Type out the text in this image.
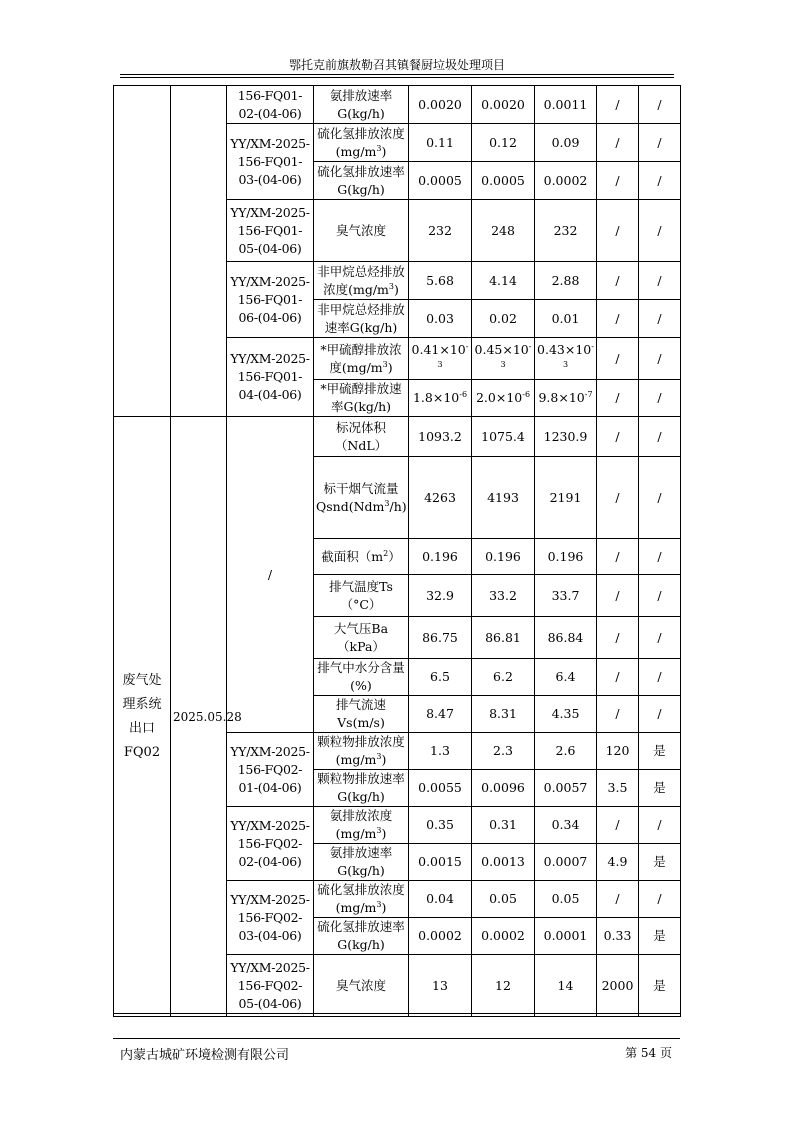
鄂托克前旗敖勒召其镇餐厨垃圾处理项目
		156-FQ01-02-(04-06)	氨排放速率G(kg/h)	0.0020	0.0020	0.0011	/	/
		YY/XM-2025-156-FQ01-03-(04-06)	硫化氢排放浓度$(mg/m^3)$	0.11	0.12	0.09	/	/
			硫化氢排放速率G(kg/h)	0.0005	0.0005	0.0002	/	/
		YY/XM-2025-156-FQ01-05-(04-06)	臭气浓度	232	248	232	/	/
		YY/XM-2025-156-FQ01-06-(04-06)	非甲烷总烃排放浓度$(mg/m^3)$	5.68	4.14	2.88	/	/
			非甲烷总烃排放速率G(kg/h)	0.03	0.02	0.01	/	/
		YY/XM-2025-156-FQ01-04-(04-06)	*甲硫醇排放浓度$(mg/m^3)$	$0.41\times 10^{-3}$	$0.45\times 10^{-3}$	$0.43\times 10^{-3}$	/	/
			*甲硫醇排放速率G(kg/h)	$1.8\times 10^{-6}$	$2.0\times 10^{-6}$	$9.8\times 10^{-7}$	/	/
废气处理系统出口FQ02	2025.05.28	/	标况体积（NdL）	1093.2	1075.4	1230.9	/	/
			标干烟气流量Qsnd(Ndm$^3$/h)	4263	4193	2191	/	/
			截面积$(m^2)$	0.196	0.196	0.196	/	/
			排气温度Ts（°C）	32.9	33.2	33.7	/	/
			大气压Ba（kPa）	86.75	86.81	86.84	/	/
			排气中水分含量(%)	6.5	6.2	6.4	/	/
			排气流速Vs(m/s)	8.47	8.31	4.35	/	/
		YY/XM-2025-156-FQ02-01-(04-06)	颗粒物排放浓度$(mg/m^3)$	1.3	2.3	2.6	120	是
			颗粒物排放速率G(kg/h)	0.0055	0.0096	0.0057	3.5	是
		YY/XM-2025-156-FQ02-02-(04-06)	氨排放浓度$(mg/m^3)$	0.35	0.31	0.34	/	/
			氨排放速率G(kg/h)	0.0015	0.0013	0.0007	4.9	是
		YY/XM-2025-156-FQ02-03-(04-06)	硫化氢排放浓度$(mg/m^3)$	0.04	0.05	0.05	/	/
			硫化氢排放速率G(kg/h)	0.0002	0.0002	0.0001	0.33	是
		YY/XM-2025-156-FQ02-05-(04-06)	臭气浓度	13	12	14	2000	是
内蒙古城矿环境检测有限公司	第 54 页
